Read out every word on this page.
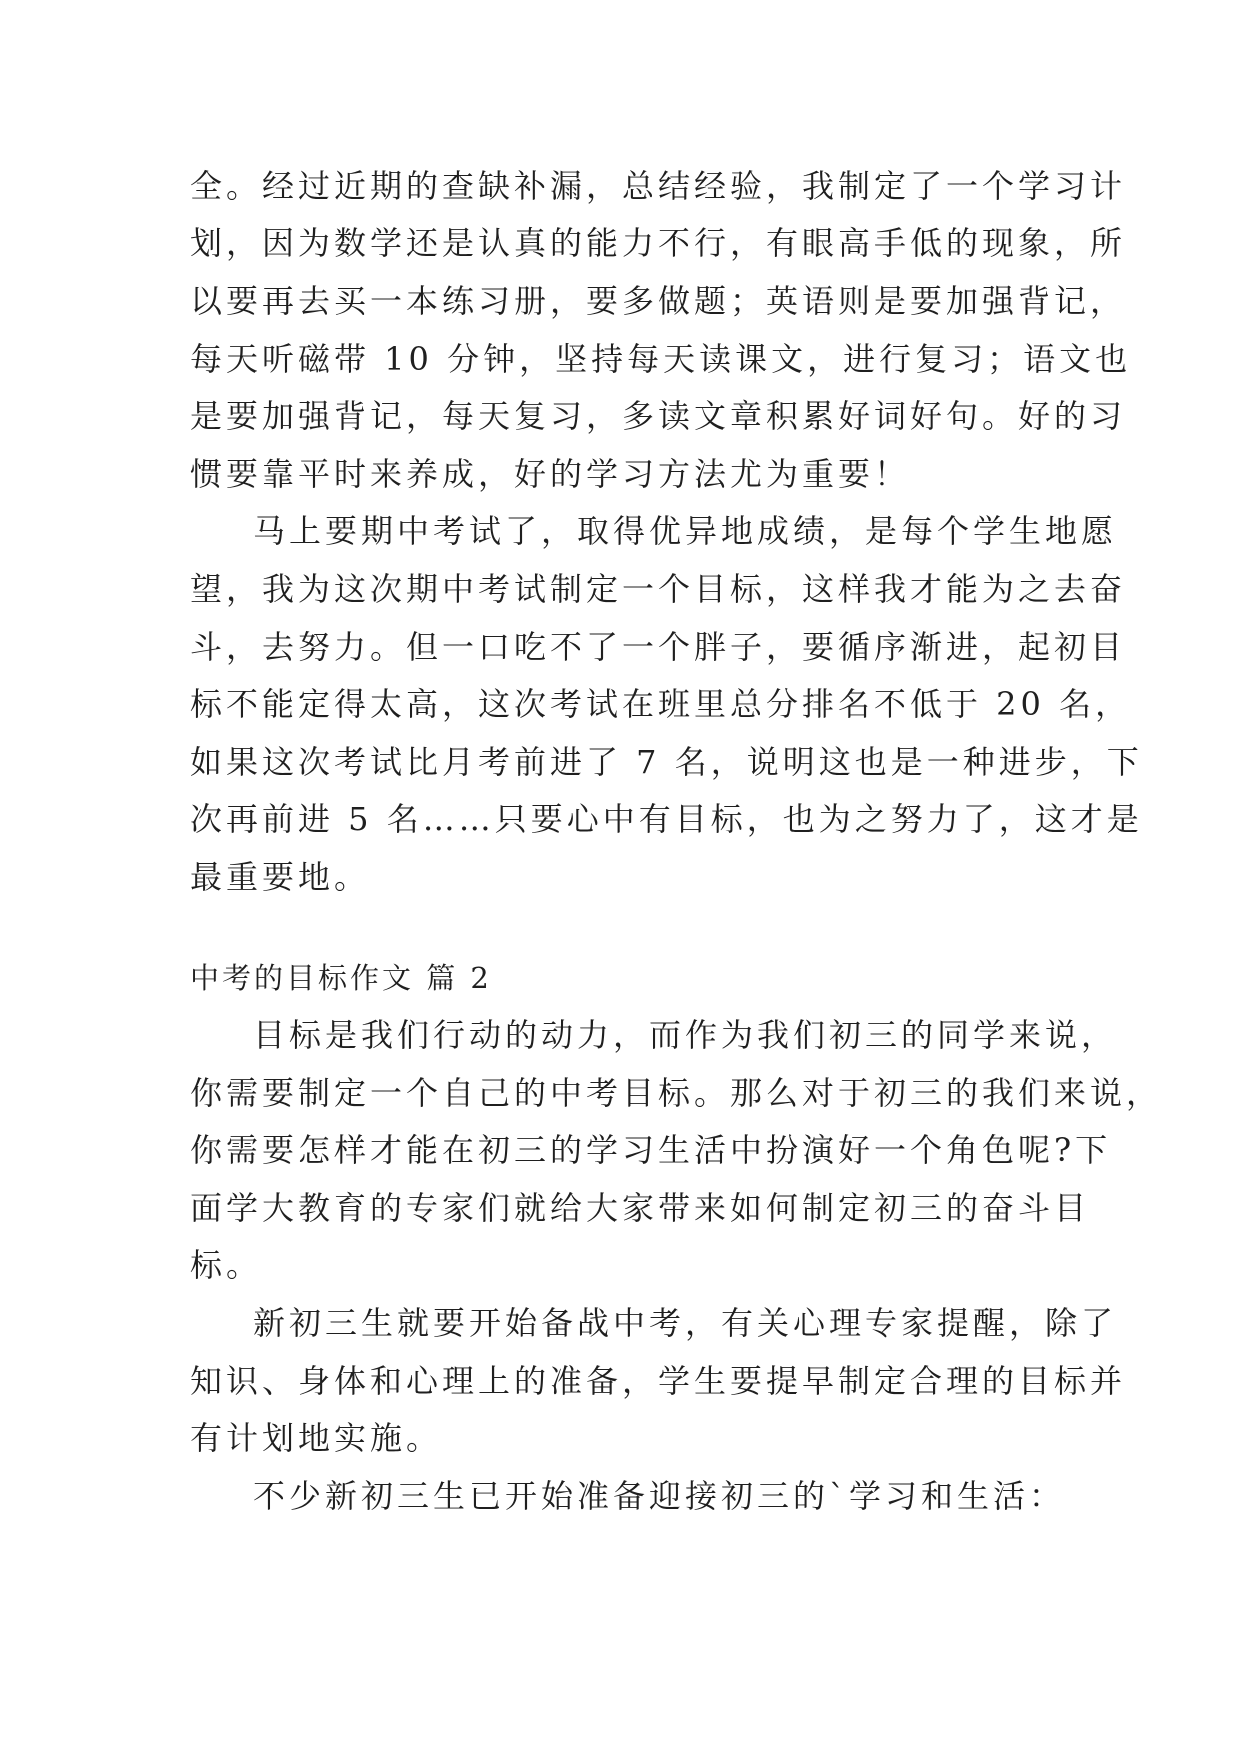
全。经过近期的查缺补漏，总结经验，我制定了一个学习计
划，因为数学还是认真的能力不行，有眼高手低的现象，所
以要再去买一本练习册，要多做题；英语则是要加强背记，
每天听磁带 10 分钟，坚持每天读课文，进行复习；语文也
是要加强背记，每天复习，多读文章积累好词好句。好的习
惯要靠平时来养成，好的学习方法尤为重要！
马上要期中考试了，取得优异地成绩，是每个学生地愿
望，我为这次期中考试制定一个目标，这样我才能为之去奋
斗，去努力。但一口吃不了一个胖子，要循序渐进，起初目
标不能定得太高，这次考试在班里总分排名不低于 20 名，
如果这次考试比月考前进了 7 名，说明这也是一种进步，下
次再前进 5 名……只要心中有目标，也为之努力了，这才是
最重要地。
中考的目标作文 篇 2
目标是我们行动的动力，而作为我们初三的同学来说，
你需要制定一个自己的中考目标。那么对于初三的我们来说，
你需要怎样才能在初三的学习生活中扮演好一个角色呢?下
面学大教育的专家们就给大家带来如何制定初三的奋斗目
标。
新初三生就要开始备战中考，有关心理专家提醒，除了
知识、身体和心理上的准备，学生要提早制定合理的目标并
有计划地实施。
不少新初三生已开始准备迎接初三的`学习和生活：
